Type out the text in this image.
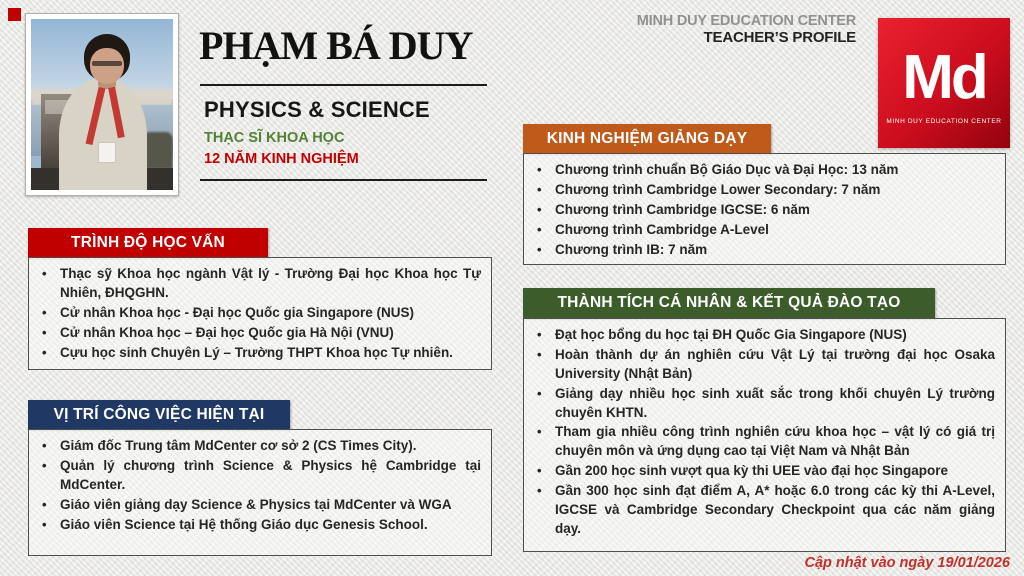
PHẠM BÁ DUY
PHYSICS & SCIENCE
THẠC SĨ KHOA HỌC
12 NĂM KINH NGHIỆM
MINH DUY EDUCATION CENTER
TEACHER’S PROFILE
Md
MINH DUY EDUCATION CENTER
TRÌNH ĐỘ HỌC VẤN
• Thạc sỹ Khoa học ngành Vật lý - Trường Đại học Khoa học Tự Nhiên, ĐHQGHN.
• Cử nhân Khoa học - Đại học Quốc gia Singapore (NUS)
• Cử nhân Khoa học – Đại học Quốc gia Hà Nội (VNU)
• Cựu học sinh Chuyên Lý – Trường THPT Khoa học Tự nhiên.
VỊ TRÍ CÔNG VIỆC HIỆN TẠI
• Giám đốc Trung tâm MdCenter cơ sở 2 (CS Times City).
• Quản lý chương trình Science & Physics hệ Cambridge tại MdCenter.
• Giáo viên giảng dạy Science & Physics tại MdCenter và WGA
• Giáo viên Science tại Hệ thống Giáo dục Genesis School.
KINH NGHIỆM GIẢNG DẠY
• Chương trình chuẩn Bộ Giáo Dục và Đại Học: 13 năm
• Chương trình Cambridge Lower Secondary: 7 năm
• Chương trình Cambridge IGCSE: 6 năm
• Chương trình Cambridge A-Level
• Chương trình IB: 7 năm
THÀNH TÍCH CÁ NHÂN & KẾT QUẢ ĐÀO TẠO
• Đạt học bổng du học tại ĐH Quốc Gia Singapore (NUS)
• Hoàn thành dự án nghiên cứu Vật Lý tại trường đại học Osaka University (Nhật Bản)
• Giảng dạy nhiều học sinh xuất sắc trong khối chuyên Lý trường chuyên KHTN.
• Tham gia nhiều công trình nghiên cứu khoa học – vật lý có giá trị chuyên môn và ứng dụng cao tại Việt Nam và Nhật Bản
• Gần 200 học sinh vượt qua kỳ thi UEE vào đại học Singapore
• Gần 300 học sinh đạt điểm A, A* hoặc 6.0 trong các kỳ thi A-Level, IGCSE và Cambridge Secondary Checkpoint qua các năm giảng dạy.
Cập nhật vào ngày 19/01/2026
